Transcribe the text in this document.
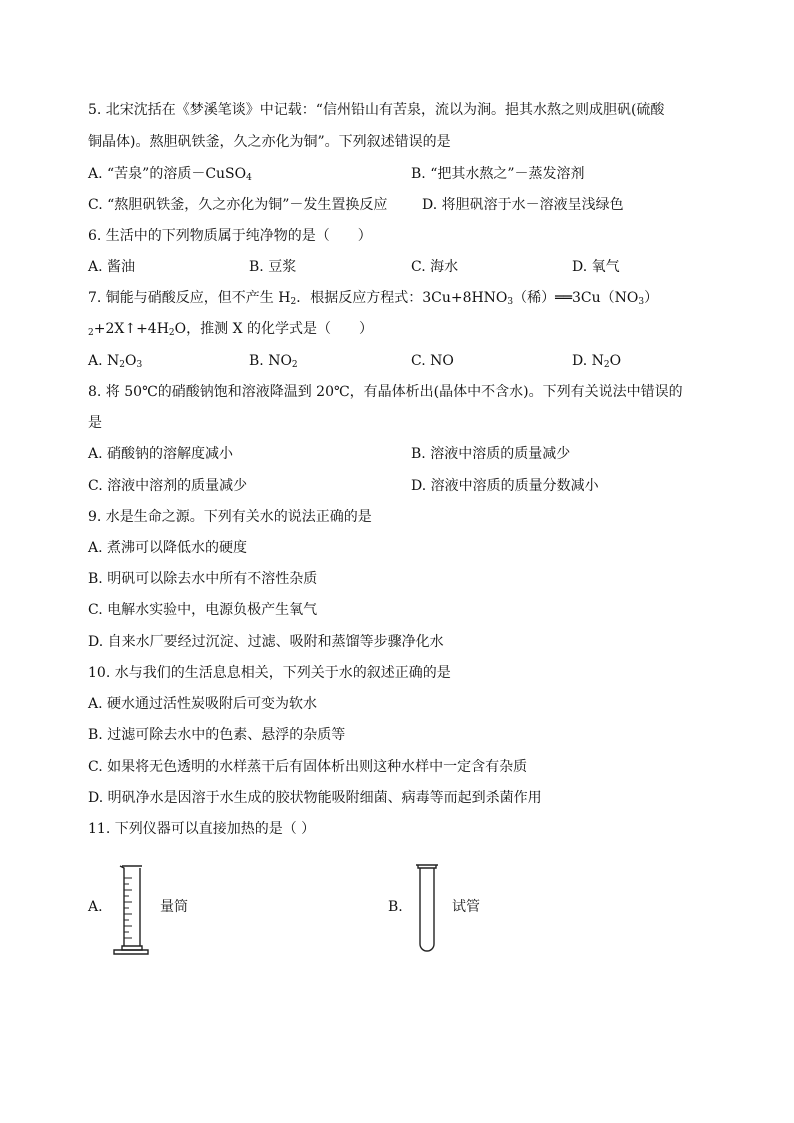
5. 北宋沈括在《梦溪笔谈》中记载：“信州铅山有苦泉，流以为涧。挹其水熬之则成胆矾(硫酸
铜晶体)。熬胆矾铁釜，久之亦化为铜”。下列叙述错误的是
A. “苦泉”的溶质－CuSO$_4$	B. “把其水熬之”－蒸发溶剂
C. “熬胆矾铁釜，久之亦化为铜”－发生置换反应 D. 将胆矾溶于水－溶液呈浅绿色
6. 生活中的下列物质属于纯净物的是（　　）
A. 酱油	B. 豆浆	C. 海水	D. 氧气
7. 铜能与硝酸反应，但不产生 $H_2$．根据反应方程式：$3Cu+8HNO_3$（稀）$══3Cu(NO_3)$
$_2+2X↑+4H_2O$，推测 X 的化学式是（　　）
A. $N_2O_3$	B. $NO_2$	C. NO	D. $N_2O$
8. 将 50℃的硝酸钠饱和溶液降温到 20℃，有晶体析出(晶体中不含水)。下列有关说法中错误的
是
A. 硝酸钠的溶解度减小	B. 溶液中溶质的质量减少
C. 溶液中溶剂的质量减少	D. 溶液中溶质的质量分数减小
9. 水是生命之源。下列有关水的说法正确的是
A. 煮沸可以降低水的硬度
B. 明矾可以除去水中所有不溶性杂质
C. 电解水实验中，电源负极产生氧气
D. 自来水厂要经过沉淀、过滤、吸附和蒸馏等步骤净化水
10. 水与我们的生活息息相关，下列关于水的叙述正确的是
A. 硬水通过活性炭吸附后可变为软水
B. 过滤可除去水中的色素、悬浮的杂质等
C. 如果将无色透明的水样蒸干后有固体析出则这种水样中一定含有杂质
D. 明矾净水是因溶于水生成的胶状物能吸附细菌、病毒等而起到杀菌作用
11. 下列仪器可以直接加热的是（ ）
A.	量筒	B.	试管
